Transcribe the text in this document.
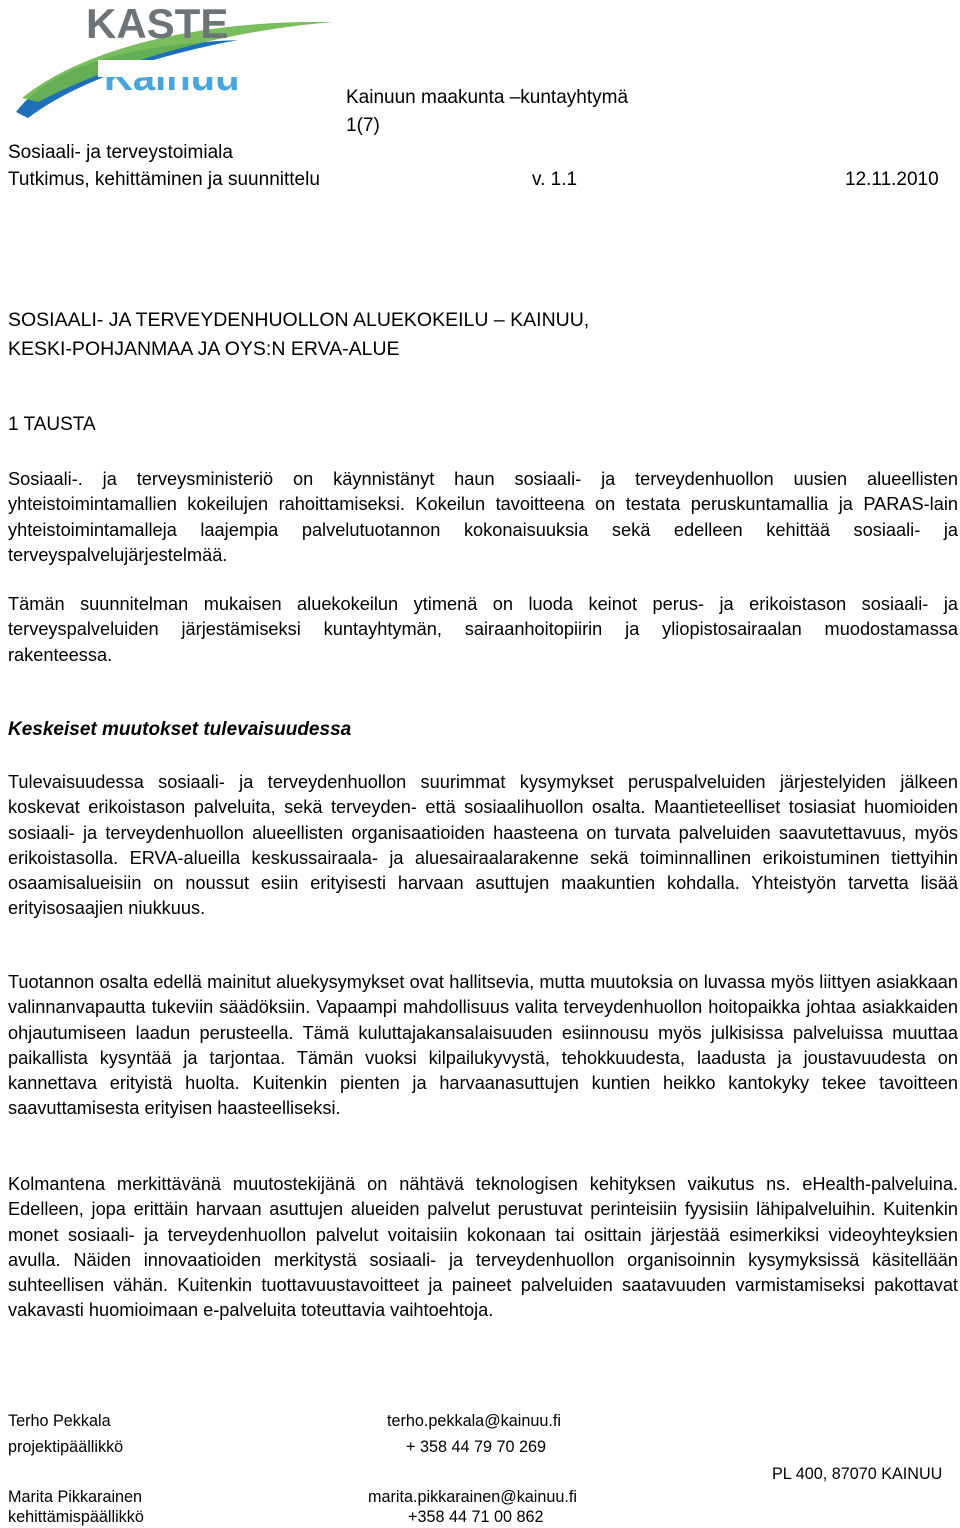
KASTE
Kainuun maakunta –kuntayhtymä
1(7)
Sosiaali- ja terveystoimiala
Tutkimus, kehittäminen ja suunnittelu	v. 1.1	12.11.2010
SOSIAALI- JA TERVEYDENHUOLLON ALUEKOKEILU – KAINUU,
KESKI-POHJANMAA JA OYS:N ERVA-ALUE
1 TAUSTA
Sosiaali-. ja terveysministeriö on käynnistänyt haun sosiaali- ja terveydenhuollon uusien alueellisten yhteistoimintamallien kokeilujen rahoittamiseksi. Kokeilun tavoitteena on testata peruskuntamallia ja PARAS-lain yhteistoimintamalleja laajempia palvelutuotannon kokonaisuuksia sekä edelleen kehittää sosiaali- ja terveyspalvelujärjestelmää.
Tämän suunnitelman mukaisen aluekokeilun ytimenä on luoda keinot perus- ja erikoistason sosiaali- ja terveyspalveluiden järjestämiseksi kuntayhtymän, sairaanhoitopiirin ja yliopistosairaalan muodostamassa rakenteessa.
Keskeiset muutokset tulevaisuudessa
Tulevaisuudessa sosiaali- ja terveydenhuollon suurimmat kysymykset peruspalveluiden järjestelyiden jälkeen koskevat erikoistason palveluita, sekä terveyden- että sosiaalihuollon osalta. Maantieteelliset tosiasiat huomioiden sosiaali- ja terveydenhuollon alueellisten organisaatioiden haasteena on turvata palveluiden saavutettavuus, myös erikoistasolla. ERVA-alueilla keskussairaala- ja aluesairaalarakenne sekä toiminnallinen erikoistuminen tiettyihin osaamisalueisiin on noussut esiin erityisesti harvaan asuttujen maakuntien kohdalla. Yhteistyön tarvetta lisää erityisosaajien niukkuus.
Tuotannon osalta edellä mainitut aluekysymykset ovat hallitsevia, mutta muutoksia on luvassa myös liittyen asiakkaan valinnanvapautta tukeviin säädöksiin. Vapaampi mahdollisuus valita terveydenhuollon hoitopaikka johtaa asiakkaiden ohjautumiseen laadun perusteella. Tämä kuluttajakansalaisuuden esiinnousu myös julkisissa palveluissa muuttaa paikallista kysyntää ja tarjontaa. Tämän vuoksi kilpailukyvystä, tehokkuudesta, laadusta ja joustavuudesta on kannettava erityistä huolta. Kuitenkin pienten ja harvaanasuttujen kuntien heikko kantokyky tekee tavoitteen saavuttamisesta erityisen haasteelliseksi.
Kolmantena merkittävänä muutostekijänä on nähtävä teknologisen kehityksen vaikutus ns. eHealth-palveluina. Edelleen, jopa erittäin harvaan asuttujen alueiden palvelut perustuvat perinteisiin fyysisiin lähipalveluihin. Kuitenkin monet sosiaali- ja terveydenhuollon palvelut voitaisiin kokonaan tai osittain järjestää esimerkiksi videoyhteyksien avulla. Näiden innovaatioiden merkitystä sosiaali- ja terveydenhuollon organisoinnin kysymyksissä käsitellään suhteellisen vähän. Kuitenkin tuottavuustavoitteet ja paineet palveluiden saatavuuden varmistamiseksi pakottavat vakavasti huomioimaan e-palveluita toteuttavia vaihtoehtoja.
Terho Pekkala
projektipäällikkö
terho.pekkala@kainuu.fi
+ 358 44 79 70 269
PL 400, 87070 KAINUU
Marita Pikkarainen
kehittämispäällikkö
marita.pikkarainen@kainuu.fi
+358 44 71 00 862
